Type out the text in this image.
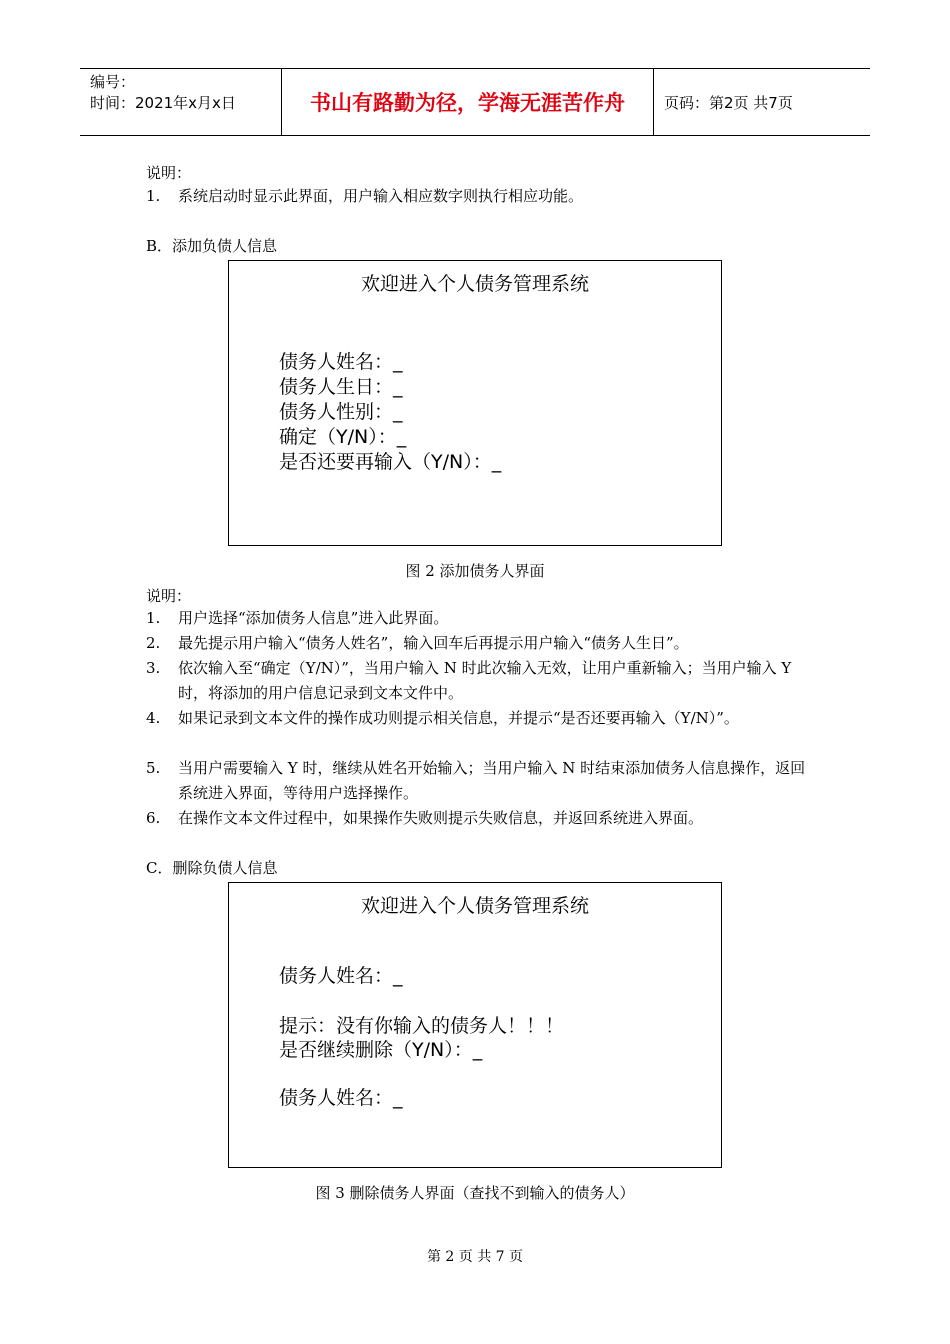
编号：
时间：2021年x月x日	书山有路勤为径，学海无涯苦作舟	页码：第2页 共7页
说明：
1. 系统启动时显示此界面，用户输入相应数字则执行相应功能。
B．添加负债人信息
欢迎进入个人债务管理系统
债务人姓名：_
债务人生日：_
债务人性别：_
确定（Y/N）：_
是否还要再输入（Y/N）：_
图 2 添加债务人界面
说明：
1. 用户选择“添加债务人信息”进入此界面。
2. 最先提示用户输入“债务人姓名”，输入回车后再提示用户输入“债务人生日”。
3. 依次输入至“确定（Y/N）”，当用户输入 N 时此次输入无效，让用户重新输入；当用户输入 Y 时，将添加的用户信息记录到文本文件中。
4. 如果记录到文本文件的操作成功则提示相关信息，并提示“是否还要再输入（Y/N）”。
5. 当用户需要输入 Y 时，继续从姓名开始输入；当用户输入 N 时结束添加债务人信息操作，返回系统进入界面，等待用户选择操作。
6. 在操作文本文件过程中，如果操作失败则提示失败信息，并返回系统进入界面。
C．删除负债人信息
欢迎进入个人债务管理系统
债务人姓名：_
提示：没有你输入的债务人！！！
是否继续删除（Y/N）：_
债务人姓名：_
图 3 删除债务人界面（查找不到输入的债务人）
第 2 页 共 7 页
